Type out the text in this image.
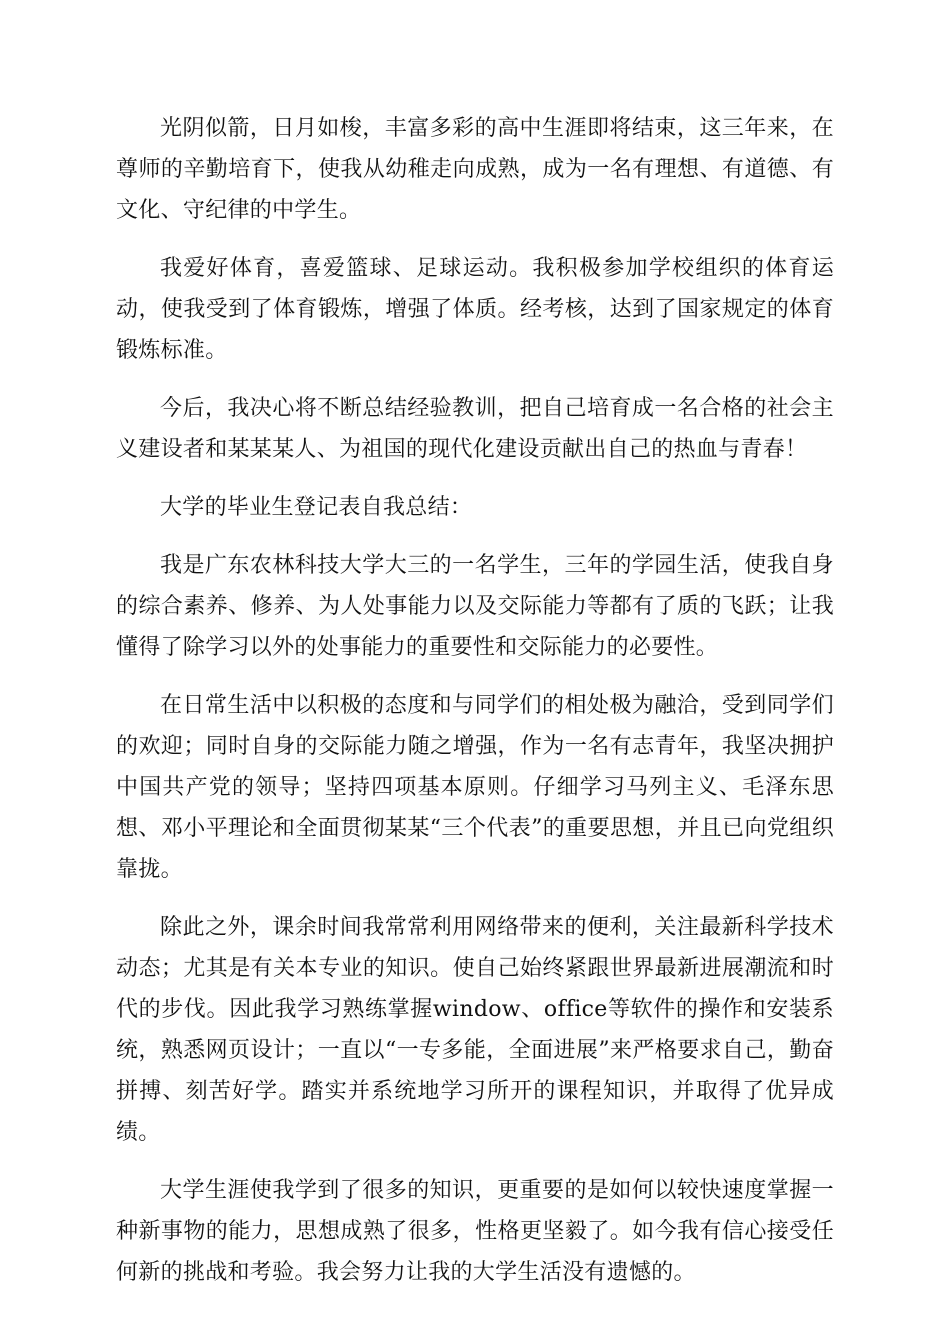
光阴似箭，日月如梭，丰富多彩的高中生涯即将结束，这三年来，在尊师的辛勤培育下，使我从幼稚走向成熟，成为一名有理想、有道德、有文化、守纪律的中学生。

我爱好体育，喜爱篮球、足球运动。我积极参加学校组织的体育运动，使我受到了体育锻炼，增强了体质。经考核，达到了国家规定的体育锻炼标准。

今后，我决心将不断总结经验教训，把自己培育成一名合格的社会主义建设者和某某某人、为祖国的现代化建设贡献出自己的热血与青春！

大学的毕业生登记表自我总结：

我是广东农林科技大学大三的一名学生，三年的学园生活，使我自身的综合素养、修养、为人处事能力以及交际能力等都有了质的飞跃；让我懂得了除学习以外的处事能力的重要性和交际能力的必要性。

在日常生活中以积极的态度和与同学们的相处极为融洽，受到同学们的欢迎；同时自身的交际能力随之增强，作为一名有志青年，我坚决拥护中国共产党的领导；坚持四项基本原则。仔细学习马列主义、毛泽东思想、邓小平理论和全面贯彻某某“三个代表”的重要思想，并且已向党组织靠拢。

除此之外，课余时间我常常利用网络带来的便利，关注最新科学技术动态；尤其是有关本专业的知识。使自己始终紧跟世界最新进展潮流和时代的步伐。因此我学习熟练掌握window、office等软件的操作和安装系统，熟悉网页设计；一直以“一专多能，全面进展”来严格要求自己，勤奋拼搏、刻苦好学。踏实并系统地学习所开的课程知识，并取得了优异成绩。

大学生涯使我学到了很多的知识，更重要的是如何以较快速度掌握一种新事物的能力，思想成熟了很多，性格更坚毅了。如今我有信心接受任何新的挑战和考验。我会努力让我的大学生活没有遗憾的。
